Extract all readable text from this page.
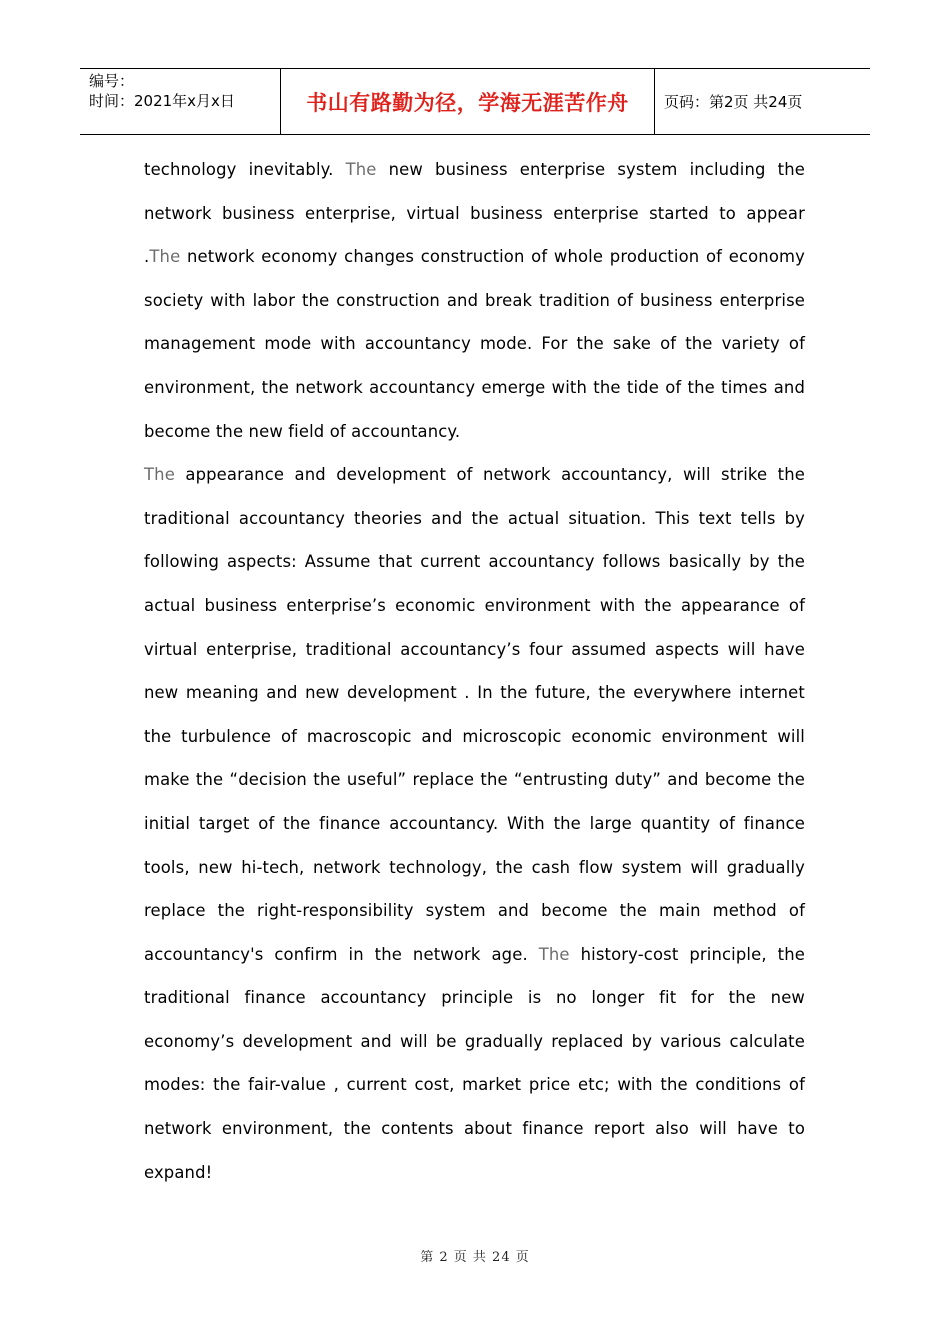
编号：
时间：2021年x月x日	书山有路勤为径，学海无涯苦作舟 页码：第2页 共24页

technology inevitably. The new business enterprise system including the network business enterprise, virtual business enterprise started to appear .The network economy changes construction of whole production of economy society with labor the construction and break tradition of business enterprise management mode with accountancy mode. For the sake of the variety of environment, the network accountancy emerge with the tide of the times and become the new field of accountancy.

The appearance and development of network accountancy, will strike the traditional accountancy theories and the actual situation. This text tells by following aspects: Assume that current accountancy follows basically by the actual business enterprise’s economic environment with the appearance of virtual enterprise, traditional accountancy’s four assumed aspects will have new meaning and new development . In the future, the everywhere internet the turbulence of macroscopic and microscopic economic environment will make the “decision the useful” replace the “entrusting duty” and become the initial target of the finance accountancy. With the large quantity of finance tools, new hi-tech, network technology, the cash flow system will gradually replace the right-responsibility system and become the main method of accountancy's confirm in the network age. The history-cost principle, the traditional finance accountancy principle is no longer fit for the new economy’s development and will be gradually replaced by various calculate modes: the fair-value , current cost, market price etc; with the conditions of network environment, the contents about finance report also will have to expand!

第 2 页 共 24 页
